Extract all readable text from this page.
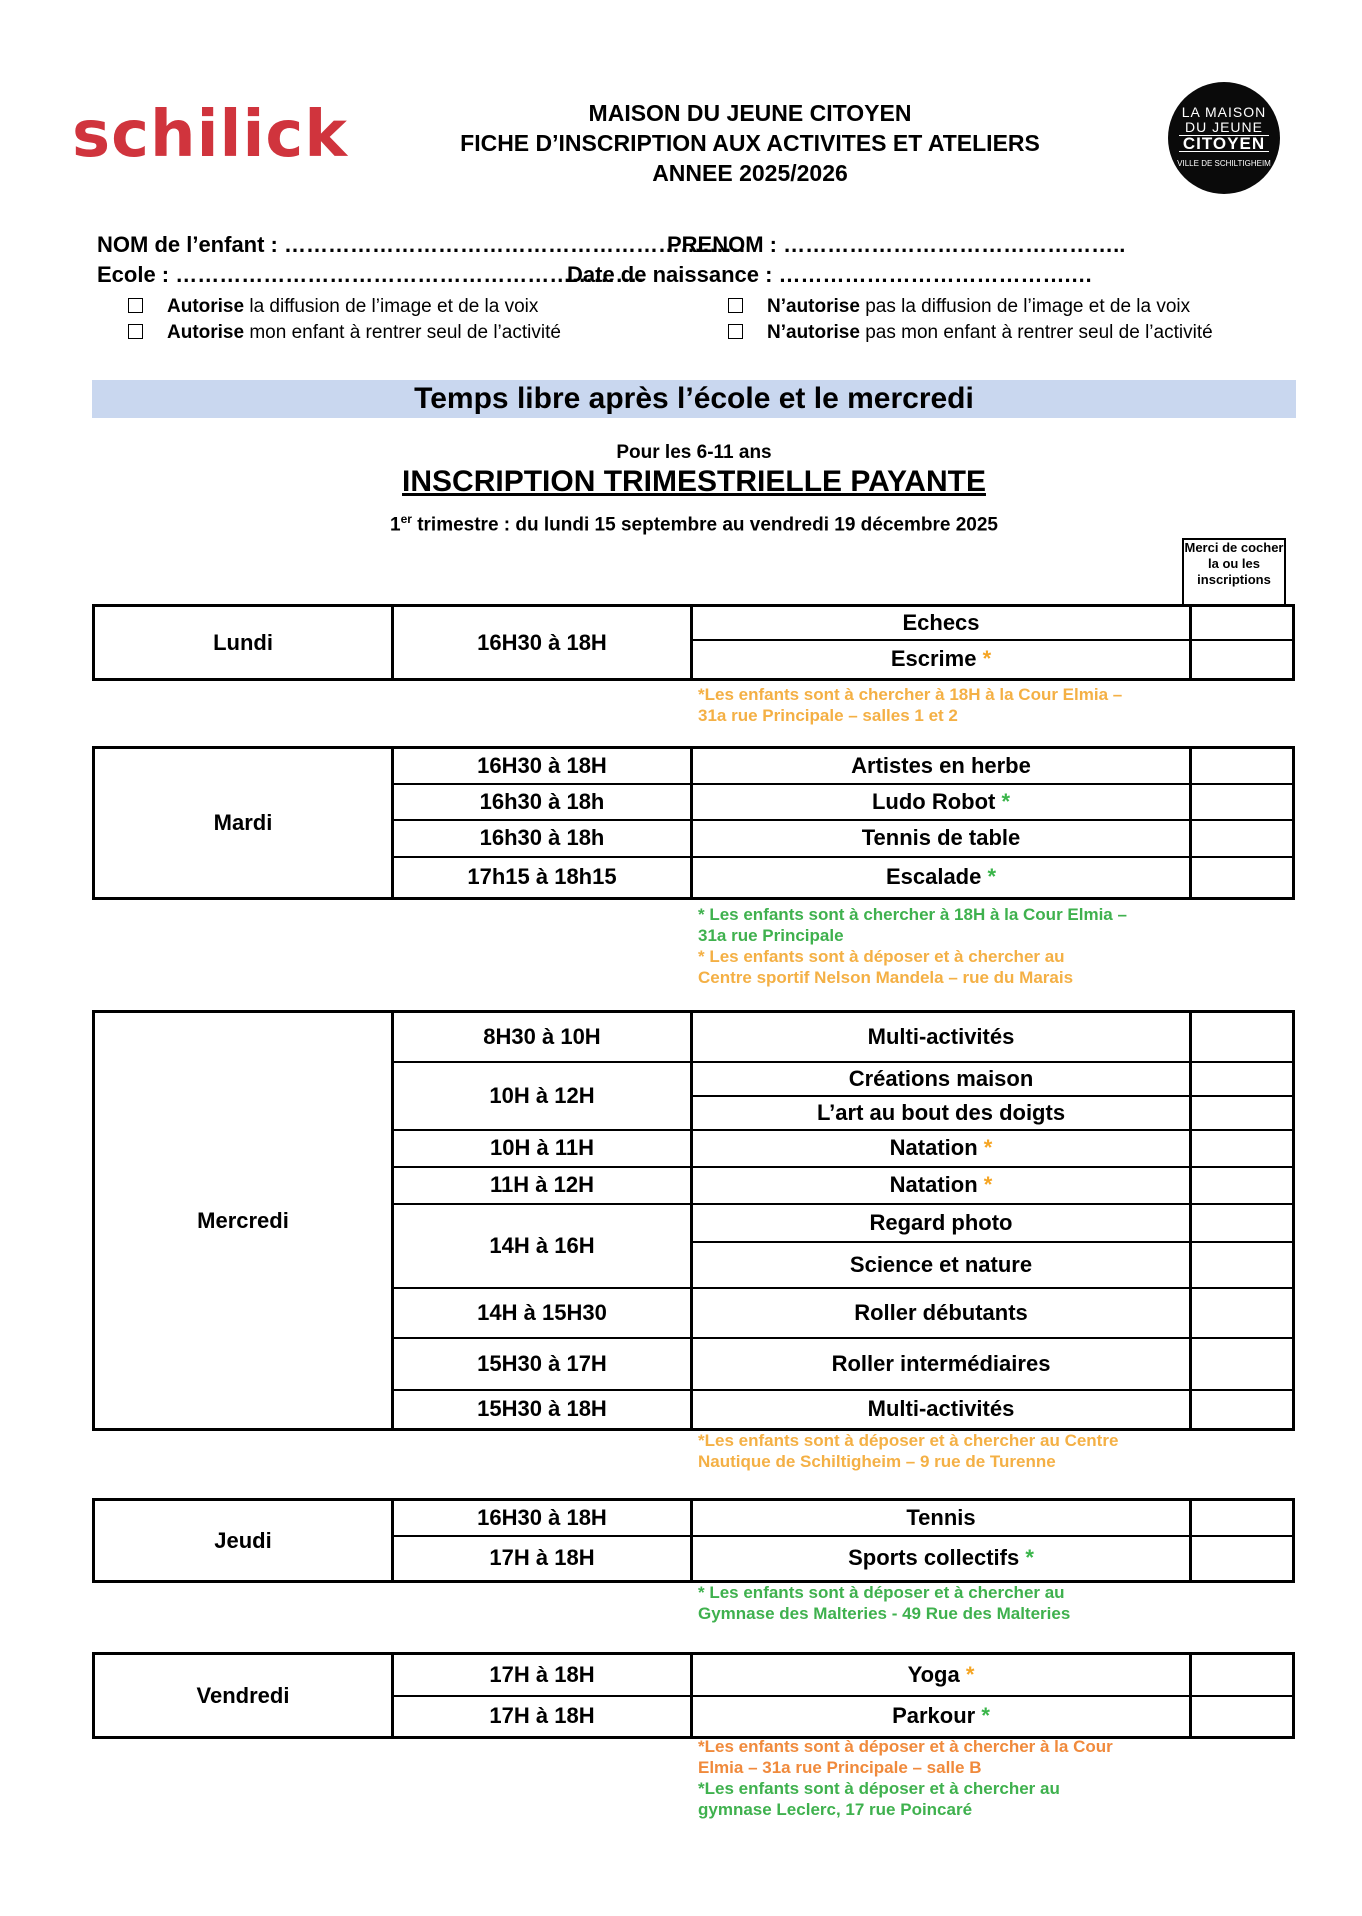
schilick	MAISON DU JEUNE CITOYEN
FICHE D’INSCRIPTION AUX ACTIVITES ET ATELIERS
ANNEE 2025/2026
LA MAISON
DU JEUNE
CITOYEN
VILLE DE SCHILTIGHEIM
NOM de l’enfant : ………………………………………………………
PRENOM : ………………………………………..
Ecole : ……………………………………………………….
Date de naissance : ………………………………….…
Autorise la diffusion de l’image et de la voix
Autorise mon enfant à rentrer seul de l’activité
N’autorise pas la diffusion de l’image et de la voix
N’autorise pas mon enfant à rentrer seul de l’activité
Temps libre après l’école et le mercredi
Pour les 6-11 ans
INSCRIPTION TRIMESTRIELLE PAYANTE
1er trimestre : du lundi 15 septembre au vendredi 19 décembre 2025
Merci de cocher la ou les inscriptions
Lundi	16H30 à 18H	Echecs	
		Escrime *	
*Les enfants sont à chercher à 18H à la Cour Elmia –
31a rue Principale – salles 1 et 2
Mardi	16H30 à 18H	Artistes en herbe	
	16h30 à 18h	Ludo Robot *	
	16h30 à 18h	Tennis de table	
	17h15 à 18h15	Escalade *	
* Les enfants sont à chercher à 18H à la Cour Elmia –
31a rue Principale
* Les enfants sont à déposer et à chercher au
Centre sportif Nelson Mandela – rue du Marais
Mercredi	8H30 à 10H	Multi-activités	
	10H à 12H	Créations maison	
		L’art au bout des doigts	
	10H à 11H	Natation *	
	11H à 12H	Natation *	
	14H à 16H	Regard photo	
		Science et nature	
	14H à 15H30	Roller débutants	
	15H30 à 17H	Roller intermédiaires	
	15H30 à 18H	Multi-activités	
*Les enfants sont à déposer et à chercher au Centre
Nautique de Schiltigheim – 9 rue de Turenne
Jeudi	16H30 à 18H	Tennis	
	17H à 18H	Sports collectifs *	
* Les enfants sont à déposer et à chercher au
Gymnase des Malteries - 49 Rue des Malteries
Vendredi	17H à 18H	Yoga *	
	17H à 18H	Parkour *	
*Les enfants sont à déposer et à chercher à la Cour
Elmia – 31a rue Principale – salle B
*Les enfants sont à déposer et à chercher au
gymnase Leclerc, 17 rue Poincaré
